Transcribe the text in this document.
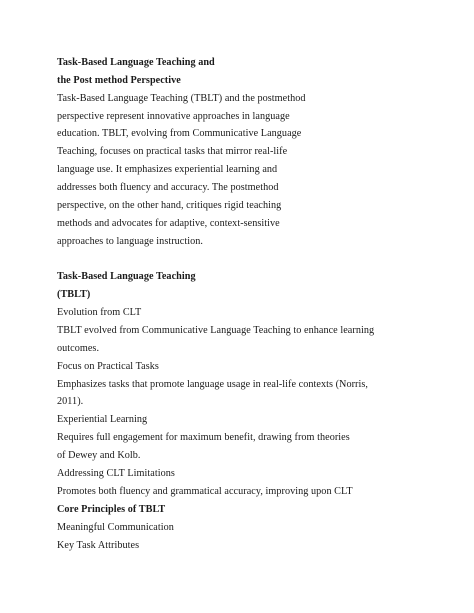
Task-Based Language Teaching and
the Post method Perspective
Task-Based Language Teaching (TBLT) and the postmethod
perspective represent innovative approaches in language
education. TBLT, evolving from Communicative Language
Teaching, focuses on practical tasks that mirror real-life
language use. It emphasizes experiential learning and
addresses both fluency and accuracy. The postmethod
perspective, on the other hand, critiques rigid teaching
methods and advocates for adaptive, context-sensitive
approaches to language instruction.
Task-Based Language Teaching
(TBLT)
Evolution from CLT
TBLT evolved from Communicative Language Teaching to enhance learning
outcomes.
Focus on Practical Tasks
Emphasizes tasks that promote language usage in real-life contexts (Norris,
2011).
Experiential Learning
Requires full engagement for maximum benefit, drawing from theories
of Dewey and Kolb.
Addressing CLT Limitations
Promotes both fluency and grammatical accuracy, improving upon CLT
Core Principles of TBLT
Meaningful Communication
Key Task Attributes
